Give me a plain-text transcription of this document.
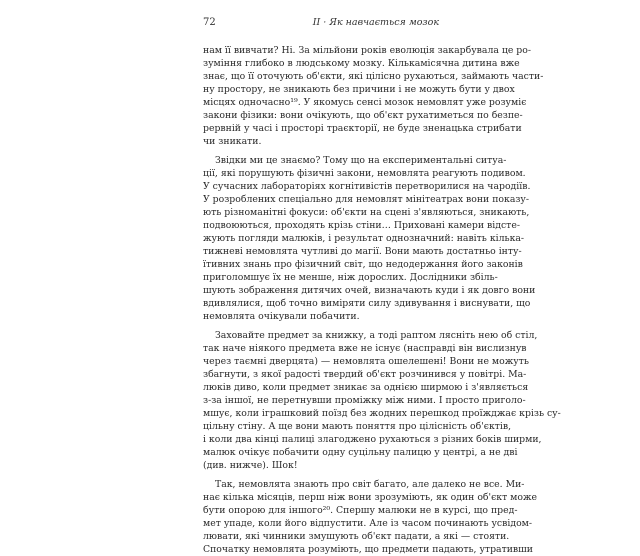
72	II · Як навчається мозок
нам її вивчати? Ні. За мільйони років еволюція закарбувала це ро-
зуміння глибоко в людському мозку. Кількамісячна дитина вже
знає, що її оточують об'єкти, які цілісно рухаються, займають части-
ну простору, не зникають без причини і не можуть бути у двох
місцях одночасно¹⁹. У якомусь сенсі мозок немовлят уже розуміє
закони фізики: вони очікують, що об'єкт рухатиметься по безпе-
рервній у часі і просторі траєкторії, не буде зненацька стрибати
чи зникати.
Звідки ми це знаємо? Тому що на експериментальні ситуа-
ції, які порушують фізичні закони, немовлята реагують подивом.
У сучасних лабораторіях когнітивістів перетворилися на чародіїв.
У розроблених спеціально для немовлят мінітеатрах вони показу-
ють різноманітні фокуси: об'єкти на сцені з'являються, зникають,
подвоюються, проходять крізь стіни… Приховані камери відсте-
жують погляди малюків, і результат однозначний: навіть кілька-
тижневі немовлята чутливі до магії. Вони мають достатньо інту-
їтивних знань про фізичний світ, що недодержання його законів
приголомшує їх не менше, ніж дорослих. Дослідники збіль-
шують зображення дитячих очей, визначають куди і як довго вони
вдивлялися, щоб точно виміряти силу здивування і виснувати, що
немовлята очікували побачити.
Заховайте предмет за книжку, а тоді раптом лясніть нею об стіл,
так наче ніякого предмета вже не існує (насправді він вислизнув
через таємні дверцята) — немовлята ошелешені! Вони не можуть
збагнути, з якої радості твердий об'єкт розчинився у повітрі. Ма-
люків диво, коли предмет зникає за однією ширмою і з'являється
з-за іншої, не перетнувши проміжку між ними. І просто приголо-
мшує, коли іграшковий поїзд без жодних перешкод проїжджає крізь су-
цільну стіну. А ще вони мають поняття про цілісність об'єктів,
і коли два кінці палиці злагоджено рухаються з різних боків ширми,
малюк очікує побачити одну суцільну палицю у центрі, а не дві
(див. нижче). Шок!
Так, немовлята знають про світ багато, але далеко не все. Ми-
нає кілька місяців, перш ніж вони зрозуміють, як один об'єкт може
бути опорою для іншого²⁰. Спершу малюки не в курсі, що пред-
мет упаде, коли його відпустити. Але із часом починають усвідом-
лювати, які чинники змушують об'єкт падати, а які — стояти.
Спочатку немовлята розуміють, що предмети падають, утративши
